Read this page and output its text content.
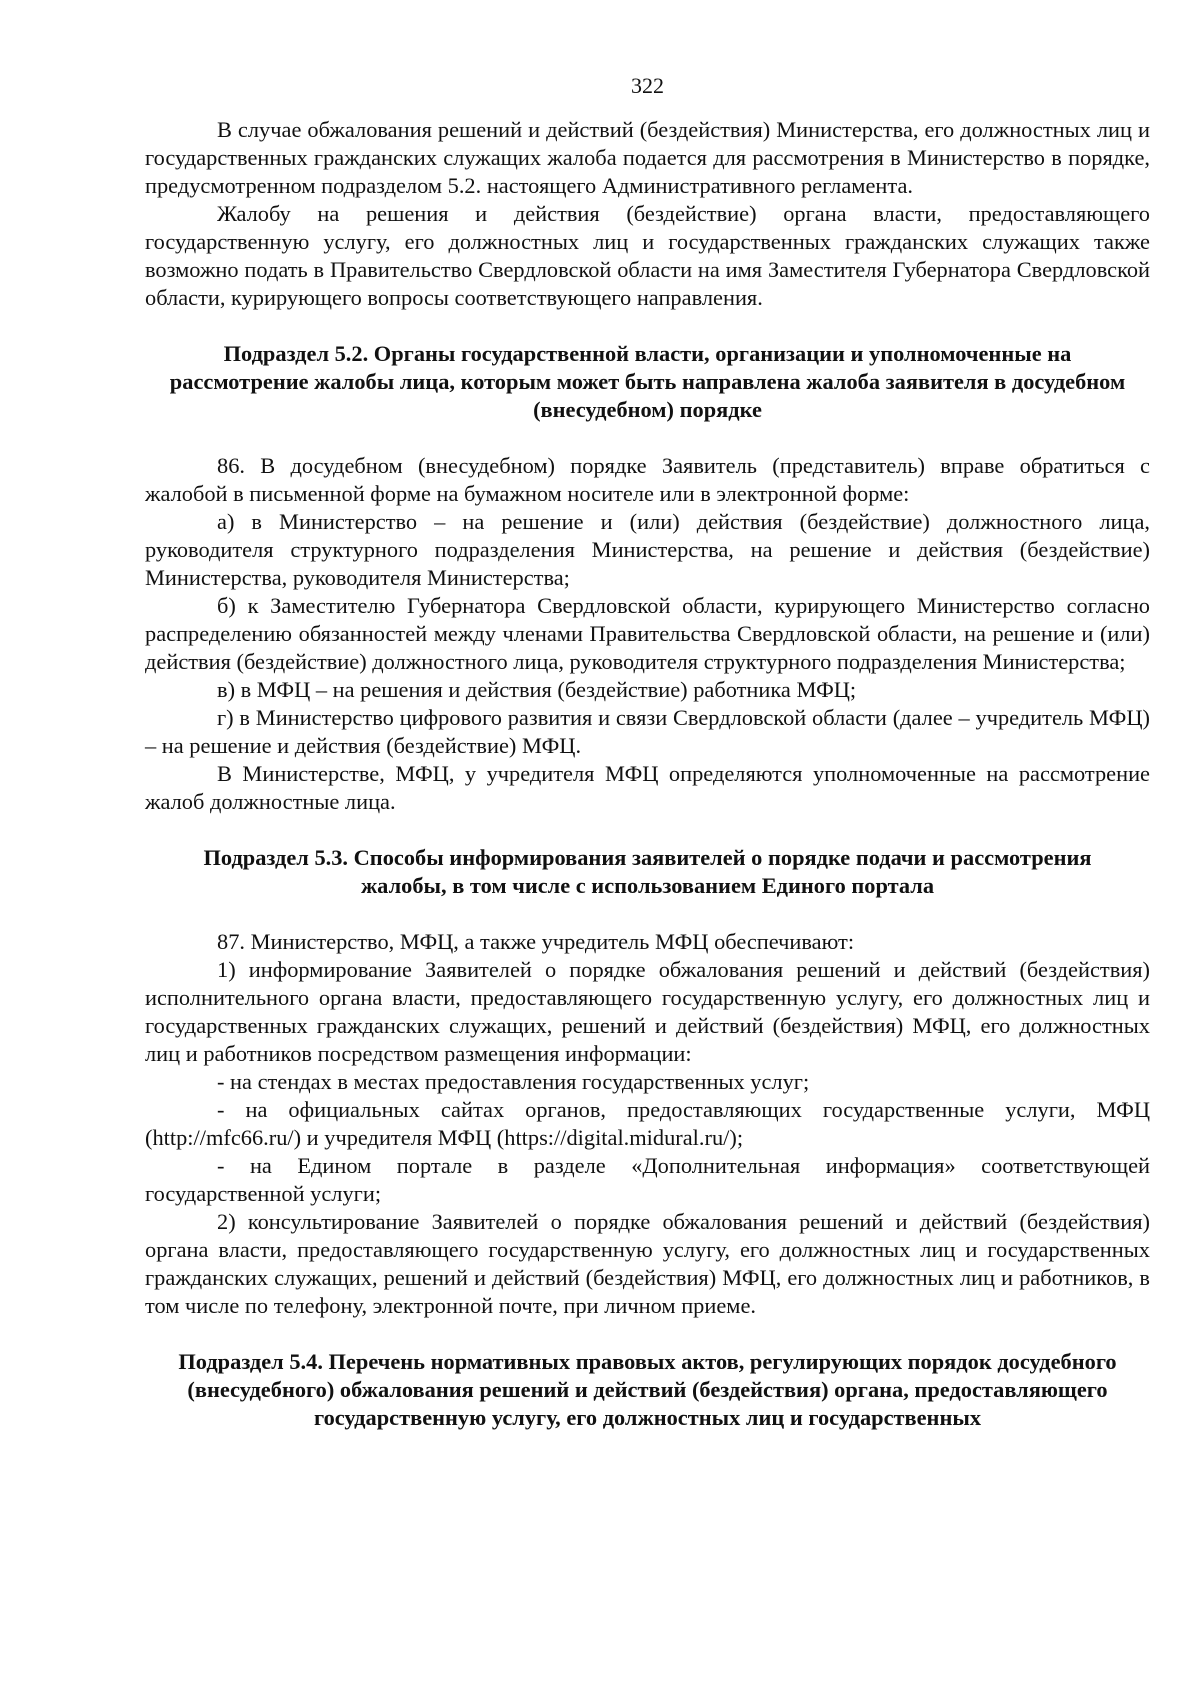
322

В случае обжалования решений и действий (бездействия) Министерства, его должностных лиц и государственных гражданских служащих жалоба подается для рассмотрения в Министерство в порядке, предусмотренном подразделом 5.2. настоящего Административного регламента.

Жалобу на решения и действия (бездействие) органа власти, предоставляющего государственную услугу, его должностных лиц и государственных гражданских служащих также возможно подать в Правительство Свердловской области на имя Заместителя Губернатора Свердловской области, курирующего вопросы соответствующего направления.

Подраздел 5.2. Органы государственной власти, организации и уполномоченные на рассмотрение жалобы лица, которым может быть направлена жалоба заявителя в досудебном (внесудебном) порядке

86. В досудебном (внесудебном) порядке Заявитель (представитель) вправе обратиться с жалобой в письменной форме на бумажном носителе или в электронной форме:

а) в Министерство – на решение и (или) действия (бездействие) должностного лица, руководителя структурного подразделения Министерства, на решение и действия (бездействие) Министерства, руководителя Министерства;

б) к Заместителю Губернатора Свердловской области, курирующего Министерство согласно распределению обязанностей между членами Правительства Свердловской области, на решение и (или) действия (бездействие) должностного лица, руководителя структурного подразделения Министерства;

в) в МФЦ – на решения и действия (бездействие) работника МФЦ;

г) в Министерство цифрового развития и связи Свердловской области (далее – учредитель МФЦ) – на решение и действия (бездействие) МФЦ.

В Министерстве, МФЦ, у учредителя МФЦ определяются уполномоченные на рассмотрение жалоб должностные лица.

Подраздел 5.3. Способы информирования заявителей о порядке подачи и рассмотрения жалобы, в том числе с использованием Единого портала

87. Министерство, МФЦ, а также учредитель МФЦ обеспечивают:

1) информирование Заявителей о порядке обжалования решений и действий (бездействия) исполнительного органа власти, предоставляющего государственную услугу, его должностных лиц и государственных гражданских служащих, решений и действий (бездействия) МФЦ, его должностных лиц и работников посредством размещения информации:

- на стендах в местах предоставления государственных услуг;

- на официальных сайтах органов, предоставляющих государственные услуги, МФЦ (http://mfc66.ru/) и учредителя МФЦ (https://digital.midural.ru/);

- на Едином портале в разделе «Дополнительная информация» соответствующей государственной услуги;

2) консультирование Заявителей о порядке обжалования решений и действий (бездействия) органа власти, предоставляющего государственную услугу, его должностных лиц и государственных гражданских служащих, решений и действий (бездействия) МФЦ, его должностных лиц и работников, в том числе по телефону, электронной почте, при личном приеме.

Подраздел 5.4. Перечень нормативных правовых актов, регулирующих порядок досудебного (внесудебного) обжалования решений и действий (бездействия) органа, предоставляющего государственную услугу, его должностных лиц и государственных
